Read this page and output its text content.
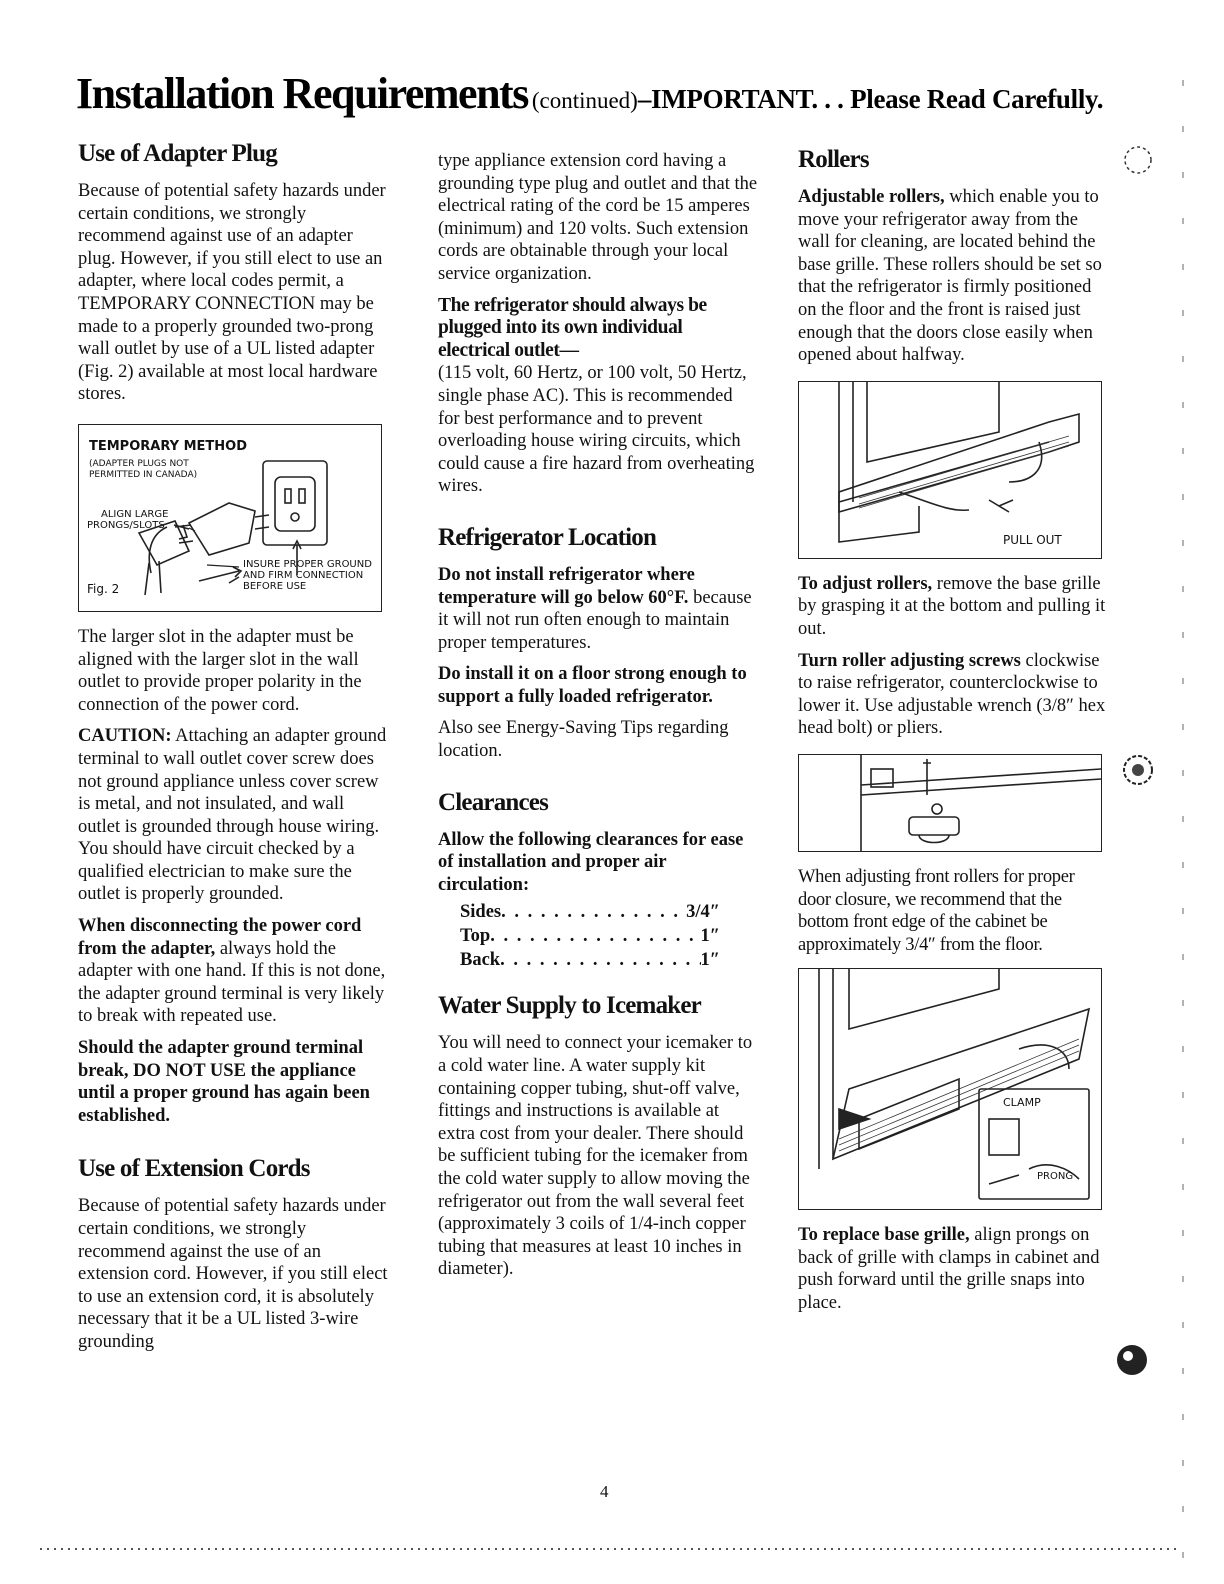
Installation Requirements (continued)–IMPORTANT. . . Please Read Carefully.
Use of Adapter Plug

Because of potential safety hazards under certain conditions, we strongly recommend against use of an adapter plug. However, if you still elect to use an adapter, where local codes permit, a TEMPORARY CONNECTION may be made to a properly grounded two-prong wall outlet by use of a UL listed adapter (Fig. 2) available at most local hardware stores.

TEMPORARY METHOD
(ADAPTER PLUGS NOT
PERMITTED IN CANADA)
ALIGN LARGE
PRONGS/SLOTS
INSURE PROPER GROUND
AND FIRM CONNECTION
BEFORE USE
Fig. 2

The larger slot in the adapter must be aligned with the larger slot in the wall outlet to provide proper polarity in the connection of the power cord.

CAUTION: Attaching an adapter ground terminal to wall outlet cover screw does not ground appliance unless cover screw is metal, and not insulated, and wall outlet is grounded through house wiring. You should have circuit checked by a qualified electrician to make sure the outlet is properly grounded.

When disconnecting the power cord from the adapter, always hold the adapter with one hand. If this is not done, the adapter ground terminal is very likely to break with repeated use.

Should the adapter ground terminal break, DO NOT USE the appliance until a proper ground has again been established.

Use of Extension Cords

Because of potential safety hazards under certain conditions, we strongly recommend against the use of an extension cord. However, if you still elect to use an extension cord, it is absolutely necessary that it be a UL listed 3-wire grounding

type appliance extension cord having a grounding type plug and outlet and that the electrical rating of the cord be 15 amperes (minimum) and 120 volts. Such extension cords are obtainable through your local service organization.

The refrigerator should always be plugged into its own individual electrical outlet—
(115 volt, 60 Hertz, or 100 volt, 50 Hertz, single phase AC). This is recommended for best performance and to prevent overloading house wiring circuits, which could cause a fire hazard from overheating wires.

Refrigerator Location

Do not install refrigerator where temperature will go below 60°F. because it will not run often enough to maintain proper temperatures.

Do install it on a floor strong enough to support a fully loaded refrigerator.

Also see Energy-Saving Tips regarding location.

Clearances

Allow the following clearances for ease of installation and proper air circulation:

Sides . . .	3/4″
Top . . .	1″
Back . . .	1″
Water Supply to Icemaker

You will need to connect your icemaker to a cold water line. A water supply kit containing copper tubing, shut-off valve, fittings and instructions is available at extra cost from your dealer. There should be sufficient tubing for the icemaker from the cold water supply to allow moving the refrigerator out from the wall several feet (approximately 3 coils of 1/4-inch copper tubing that measures at least 10 inches in diameter).

Rollers

Adjustable rollers, which enable you to move your refrigerator away from the wall for cleaning, are located behind the base grille. These rollers should be set so that the refrigerator is firmly positioned on the floor and the front is raised just enough that the doors close easily when opened about halfway.

PULL OUT

To adjust rollers, remove the base grille by grasping it at the bottom and pulling it out.

Turn roller adjusting screws clockwise to raise refrigerator, counterclockwise to lower it. Use adjustable wrench (3/8″ hex head bolt) or pliers.

When adjusting front rollers for proper door closure, we recommend that the bottom front edge of the cabinet be approximately 3/4″ from the floor.

CLAMP
PRONG

To replace base grille, align prongs on back of grille with clamps in cabinet and push forward until the grille snaps into place.

4
